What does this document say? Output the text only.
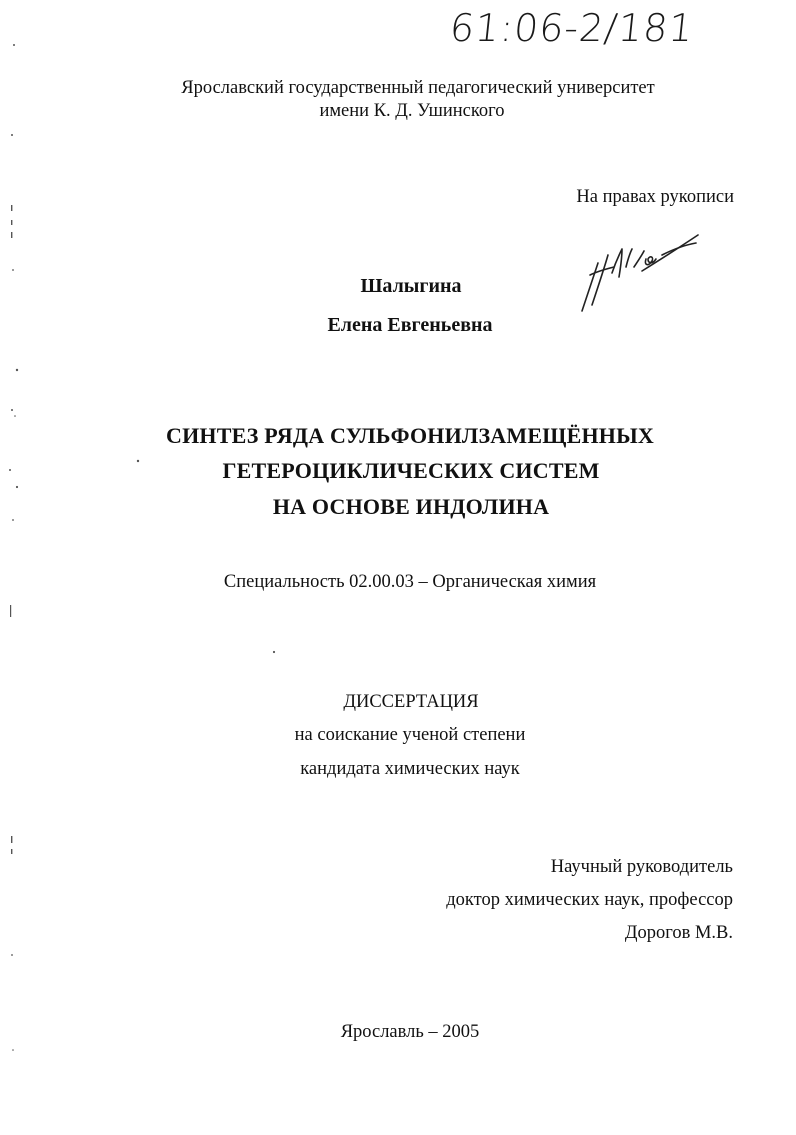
61:06-2/181
Ярославский государственный педагогический университет
имени К. Д. Ушинского
На правах рукописи
Шалыгина
Елена Евгеньевна
СИНТЕЗ РЯДА СУЛЬФОНИЛЗАМЕЩЁННЫХ
ГЕТЕРОЦИКЛИЧЕСКИХ СИСТЕМ
НА ОСНОВЕ ИНДОЛИНА
Специальность 02.00.03 – Органическая химия
ДИССЕРТАЦИЯ
на соискание ученой степени
кандидата химических наук
Научный руководитель
доктор химических наук, профессор
Дорогов М.В.
Ярославль – 2005
